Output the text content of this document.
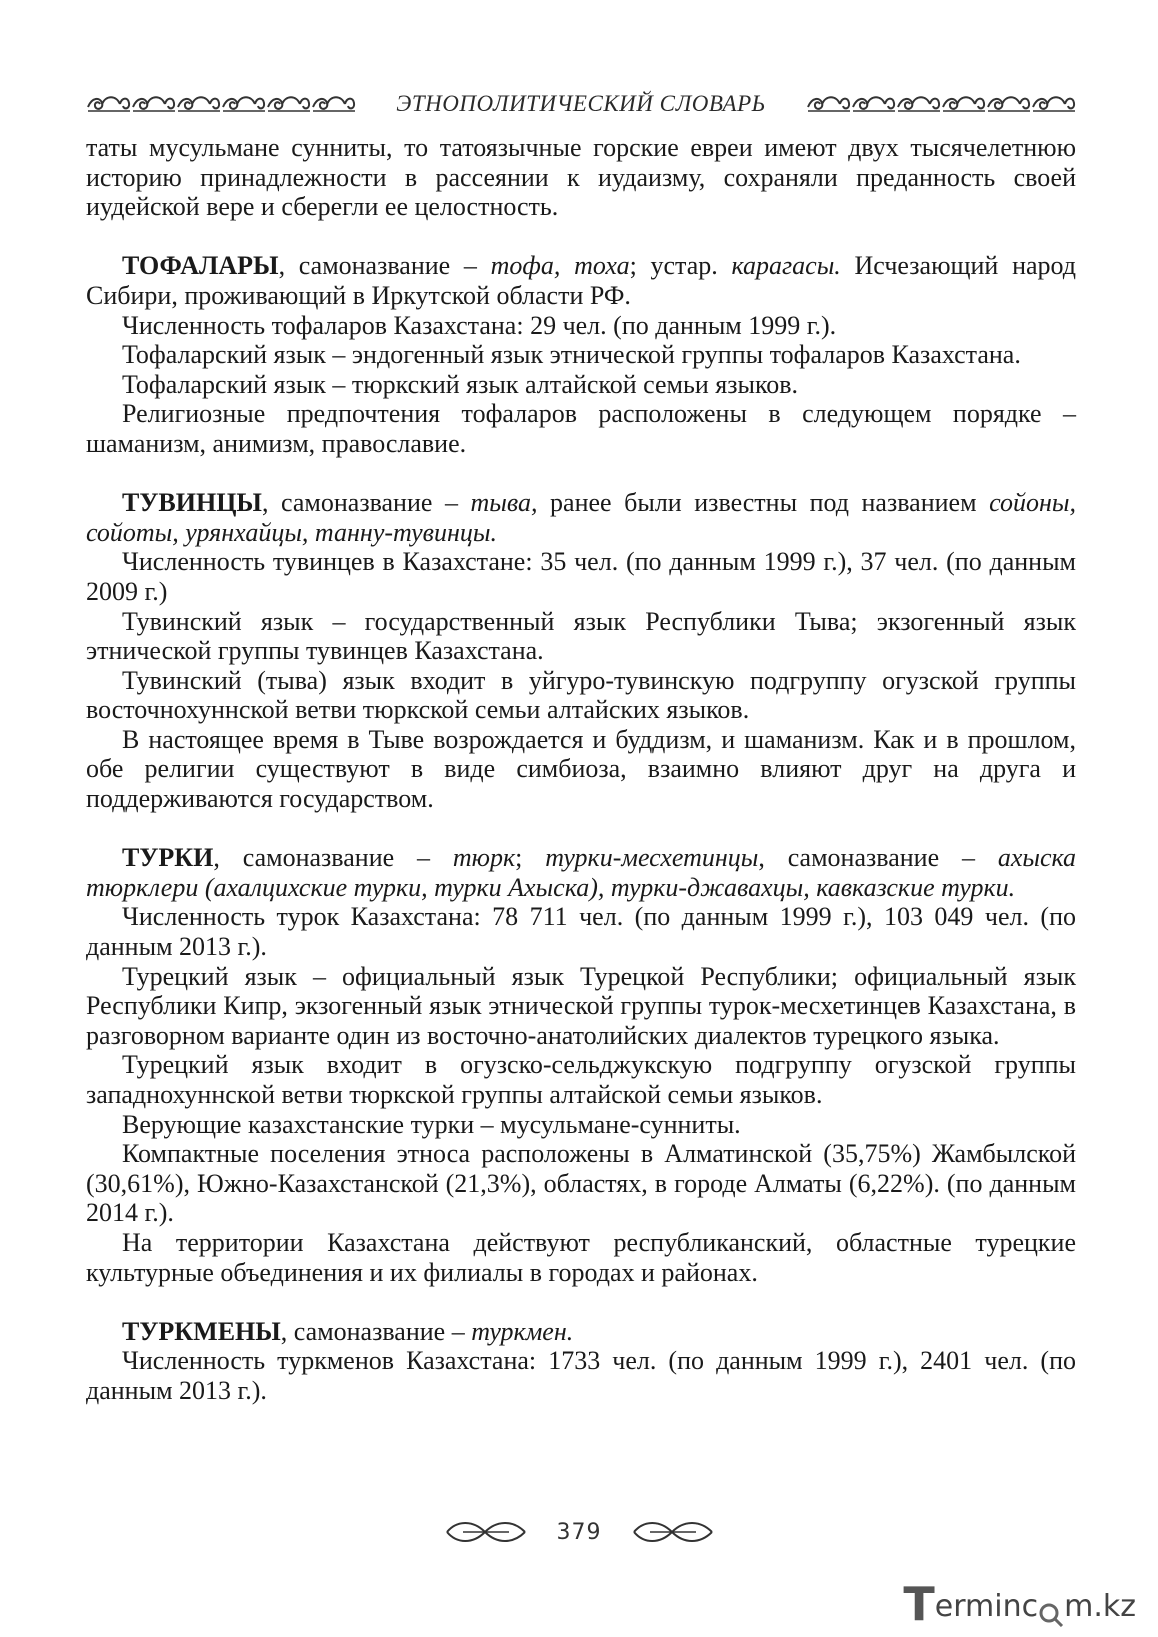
ЭТНОПОЛИТИЧЕСКИЙ СЛОВАРЬ

таты мусульмане сунниты, то татоязычные горские евреи имеют двух тысячелетнюю историю принадлежности в рассеянии к иудаизму, сохраняли преданность своей иудейской вере и сберегли ее целостность.

ТОФАЛАРЫ, самоназвание – тофа, тоха; устар. карагасы. Исчезающий народ Сибири, проживающий в Иркутской области РФ.

Численность тофаларов Казахстана: 29 чел. (по данным 1999 г.).

Тофаларский язык – эндогенный язык этнической группы тофаларов Казахстана.

Тофаларский язык – тюркский язык алтайской семьи языков.

Религиозные предпочтения тофаларов расположены в следующем порядке – шаманизм, анимизм, православие.

ТУВИНЦЫ, самоназвание – тыва, ранее были известны под названием сойоны, сойоты, урянхайцы, танну-тувинцы.

Численность тувинцев в Казахстане: 35 чел. (по данным 1999 г.), 37 чел. (по данным 2009 г.)

Тувинский язык – государственный язык Республики Тыва; экзогенный язык этнической группы тувинцев Казахстана.

Тувинский (тыва) язык входит в уйгуро-тувинскую подгруппу огузской группы восточнохуннской ветви тюркской семьи алтайских языков.

В настоящее время в Тыве возрождается и буддизм, и шаманизм. Как и в прошлом, обе религии существуют в виде симбиоза, взаимно влияют друг на друга и поддерживаются государством.

ТУРКИ, самоназвание – тюрк; турки-месхетинцы, самоназвание – ахыска тюрклери (ахалцихские турки, турки Ахыска), турки-джавахцы, кавказские турки.

Численность турок Казахстана: 78 711 чел. (по данным 1999 г.), 103 049 чел. (по данным 2013 г.).

Турецкий язык – официальный язык Турецкой Республики; официальный язык Республики Кипр, экзогенный язык этнической группы турок-месхетинцев Казахстана, в разговорном варианте один из восточно-анатолийских диалектов турецкого языка.

Турецкий язык входит в огузско-сельджукскую подгруппу огузской группы западнохуннской ветви тюркской группы алтайской семьи языков.

Верующие казахстанские турки – мусульмане-сунниты.

Компактные поселения этноса расположены в Алматинской (35,75%) Жамбылской (30,61%), Южно-Казахстанской (21,3%), областях, в городе Алматы (6,22%). (по данным 2014 г.).

На территории Казахстана действуют республиканский, областные турецкие культурные объединения и их филиалы в городах и районах.

ТУРКМЕНЫ, самоназвание – туркмен.

Численность туркменов Казахстана: 1733 чел. (по данным 1999 г.), 2401 чел. (по данным 2013 г.).

379
T erminc m.kz
